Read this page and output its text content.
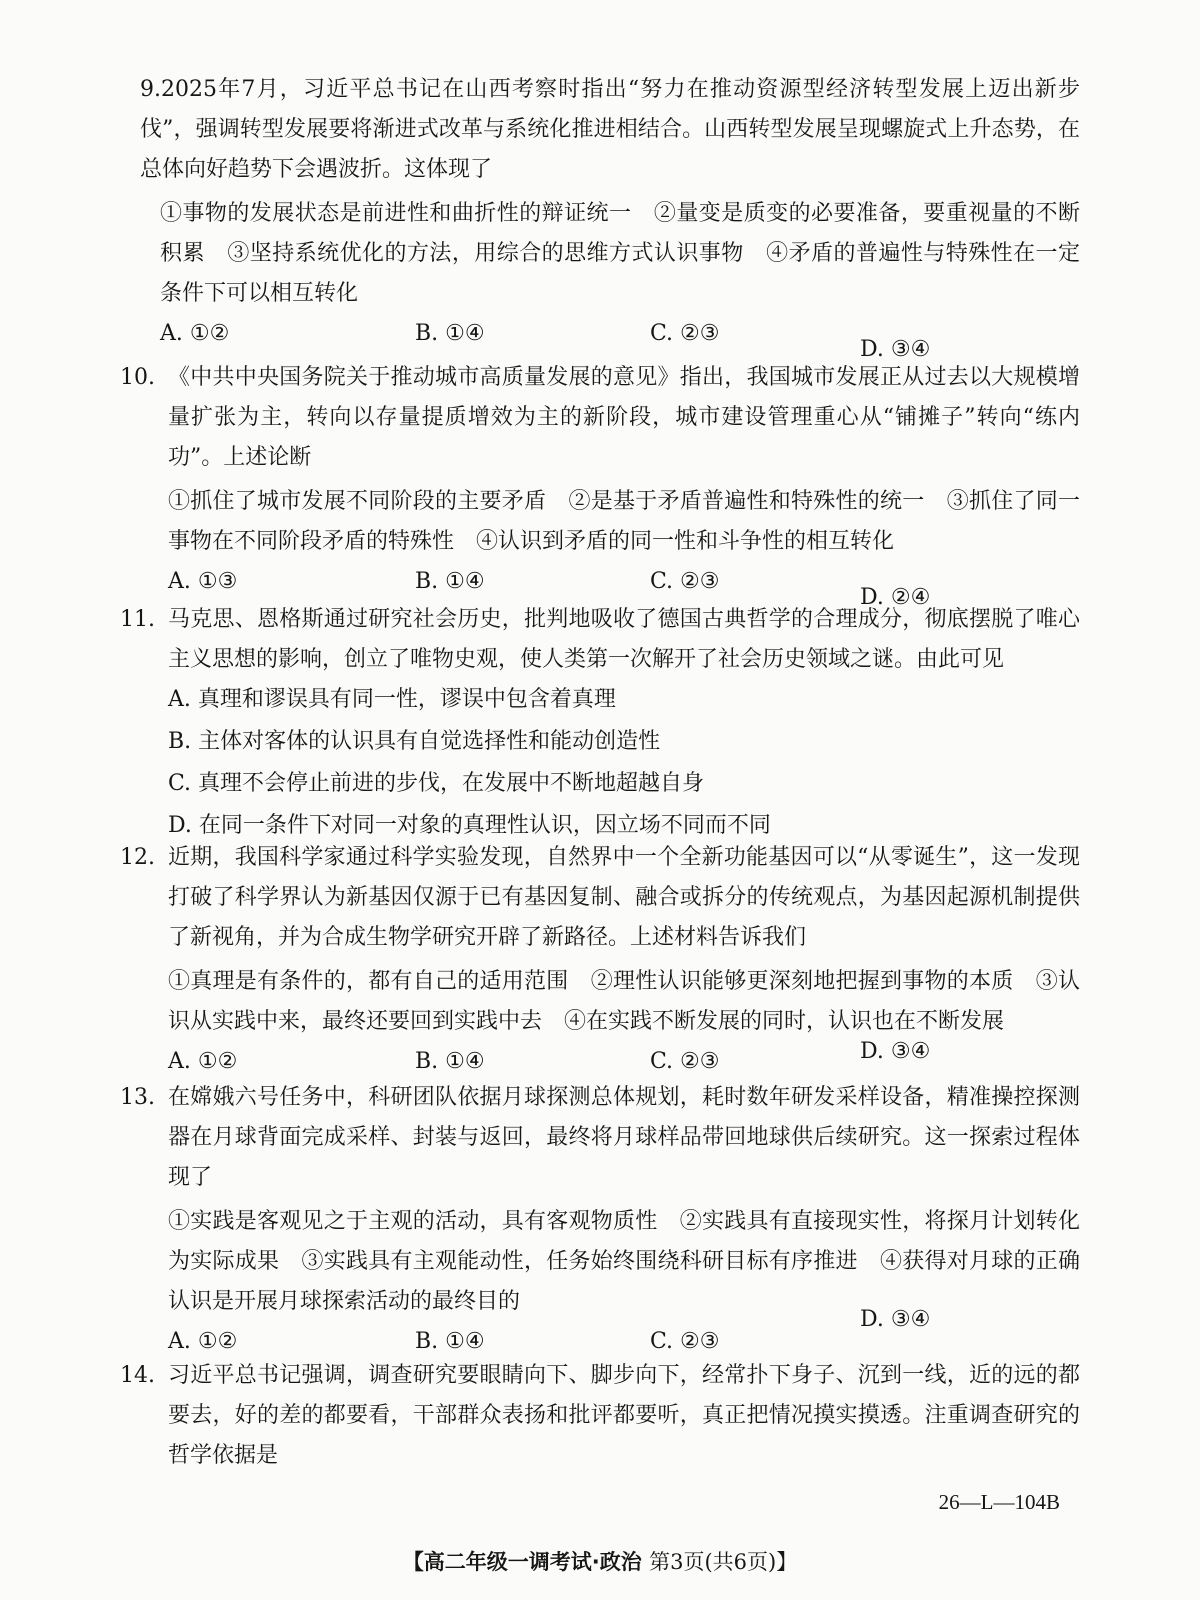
9.2025年7月，习近平总书记在山西考察时指出“努力在推动资源型经济转型发展上迈出新步伐”，强调转型发展要将渐进式改革与系统化推进相结合。山西转型发展呈现螺旋式上升态势，在总体向好趋势下会遇波折。这体现了
①事物的发展状态是前进性和曲折性的辩证统一　②量变是质变的必要准备，要重视量的不断积累　③坚持系统优化的方法，用综合的思维方式认识事物　④矛盾的普遍性与特殊性在一定条件下可以相互转化
A. ①②	B. ①④	C. ②③
D. ③④
10. 《中共中央国务院关于推动城市高质量发展的意见》指出，我国城市发展正从过去以大规模增量扩张为主，转向以存量提质增效为主的新阶段，城市建设管理重心从“铺摊子”转向“练内功”。上述论断
①抓住了城市发展不同阶段的主要矛盾　②是基于矛盾普遍性和特殊性的统一　③抓住了同一事物在不同阶段矛盾的特殊性　④认识到矛盾的同一性和斗争性的相互转化
A. ①③	B. ①④	C. ②③
D. ②④
11. 马克思、恩格斯通过研究社会历史，批判地吸收了德国古典哲学的合理成分，彻底摆脱了唯心主义思想的影响，创立了唯物史观，使人类第一次解开了社会历史领域之谜。由此可见
A. 真理和谬误具有同一性，谬误中包含着真理
B. 主体对客体的认识具有自觉选择性和能动创造性
C. 真理不会停止前进的步伐，在发展中不断地超越自身
D. 在同一条件下对同一对象的真理性认识，因立场不同而不同
12. 近期，我国科学家通过科学实验发现，自然界中一个全新功能基因可以“从零诞生”，这一发现打破了科学界认为新基因仅源于已有基因复制、融合或拆分的传统观点，为基因起源机制提供了新视角，并为合成生物学研究开辟了新路径。上述材料告诉我们
①真理是有条件的，都有自己的适用范围　②理性认识能够更深刻地把握到事物的本质　③认识从实践中来，最终还要回到实践中去　④在实践不断发展的同时，认识也在不断发展
A. ①②	B. ①④	C. ②③	D. ③④
13. 在嫦娥六号任务中，科研团队依据月球探测总体规划，耗时数年研发采样设备，精准操控探测器在月球背面完成采样、封装与返回，最终将月球样品带回地球供后续研究。这一探索过程体现了
①实践是客观见之于主观的活动，具有客观物质性　②实践具有直接现实性，将探月计划转化为实际成果　③实践具有主观能动性，任务始终围绕科研目标有序推进　④获得对月球的正确认识是开展月球探索活动的最终目的
A. ①②	B. ①④	C. ②③
D. ③④
14. 习近平总书记强调，调查研究要眼睛向下、脚步向下，经常扑下身子、沉到一线，近的远的都要去，好的差的都要看，干部群众表扬和批评都要听，真正把情况摸实摸透。注重调查研究的哲学依据是
26—L—104B
【高二年级一调考试·政治 第3页(共6页)】
